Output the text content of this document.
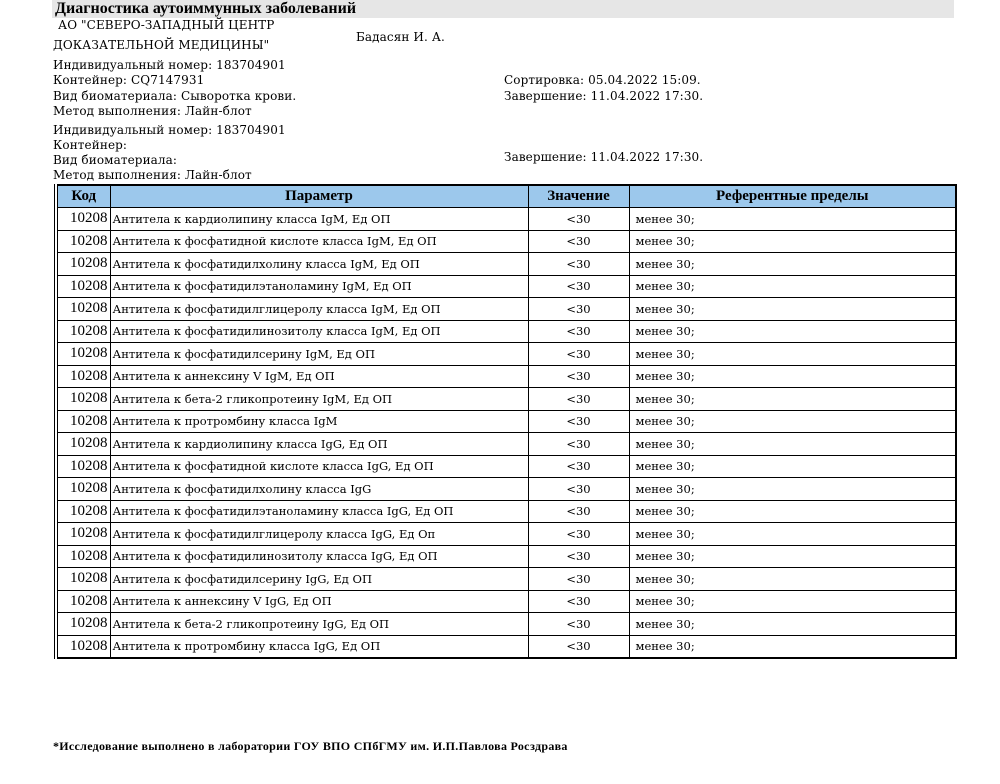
Диагностика аутоиммунных заболеваний
АО "СЕВЕРО-ЗАПАДНЫЙ ЦЕНТР
ДОКАЗАТЕЛЬНОЙ МЕДИЦИНЫ"
Бадасян И. А.
Индивидуальный номер: 183704901
Контейнер: CQ7147931
Вид биоматериала: Сыворотка крови.
Метод выполнения: Лайн-блот
Сортировка: 05.04.2022 15:09.
Завершение: 11.04.2022 17:30.
Индивидуальный номер: 183704901
Контейнер:
Вид биоматериала:
Метод выполнения: Лайн-блот
Завершение: 11.04.2022 17:30.
Код	Параметр	Значение	Референтные пределы
10208	Антитела к кардиолипину класса IgM, Ед ОП	<30	менее 30;
10208	Антитела к фосфатидной кислоте класса IgM, Ед ОП	<30	менее 30;
10208	Антитела к фосфатидилхолину класса IgM, Ед ОП	<30	менее 30;
10208	Антитела к фосфатидилэтаноламину IgM, Ед ОП	<30	менее 30;
10208	Антитела к фосфатидилглицеролу класса IgM, Ед ОП	<30	менее 30;
10208	Антитела к фосфатидилинозитолу класса IgM, Ед ОП	<30	менее 30;
10208	Антитела к фосфатидилсерину IgM, Ед ОП	<30	менее 30;
10208	Антитела к аннексину V IgM, Ед ОП	<30	менее 30;
10208	Антитела к бета-2 гликопротеину IgM, Ед ОП	<30	менее 30;
10208	Антитела к протромбину класса IgM	<30	менее 30;
10208	Антитела к кардиолипину класса IgG, Ед ОП	<30	менее 30;
10208	Антитела к фосфатидной кислоте класса IgG, Ед ОП	<30	менее 30;
10208	Антитела к фосфатидилхолину класса IgG	<30	менее 30;
10208	Антитела к фосфатидилэтаноламину класса IgG, Ед ОП	<30	менее 30;
10208	Антитела к фосфатидилглицеролу класса IgG, Ед Оп	<30	менее 30;
10208	Антитела к фосфатидилинозитолу класса IgG, Ед ОП	<30	менее 30;
10208	Антитела к фосфатидилсерину IgG, Ед ОП	<30	менее 30;
10208	Антитела к аннексину V IgG, Ед ОП	<30	менее 30;
10208	Антитела к бета-2 гликопротеину IgG, Ед ОП	<30	менее 30;
10208	Антитела к протромбину класса IgG, Ед ОП	<30	менее 30;
*Исследование выполнено в лаборатории ГОУ ВПО СПбГМУ им. И.П.Павлова Росздрава
